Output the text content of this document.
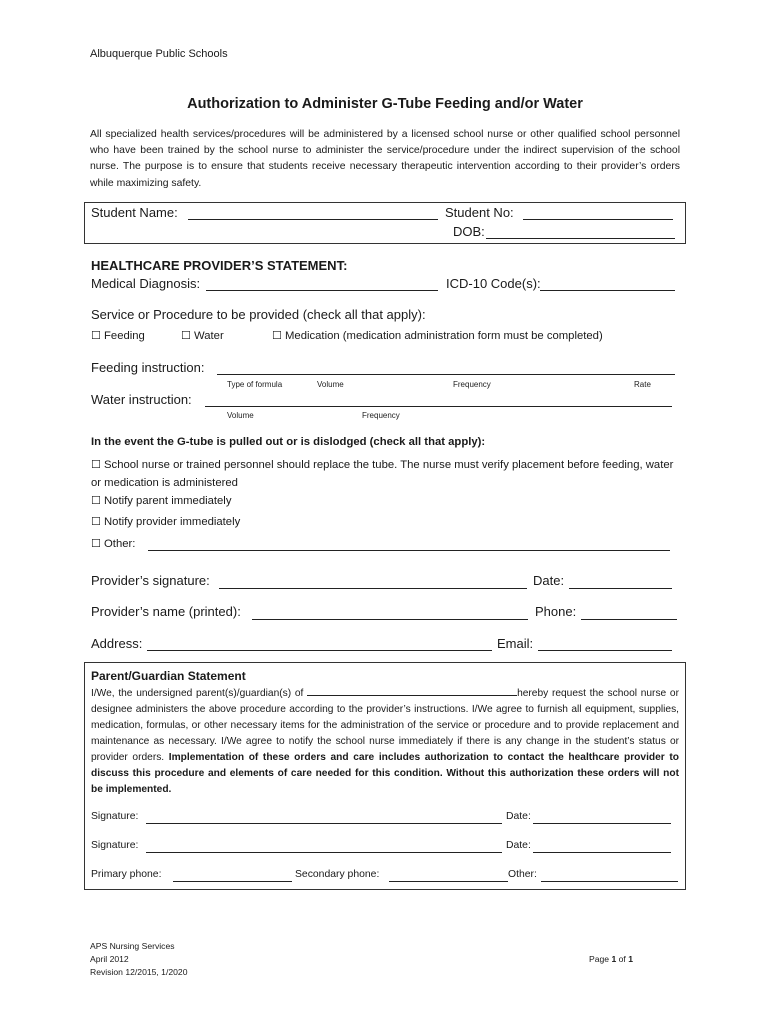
Albuquerque Public Schools
Authorization to Administer G-Tube Feeding and/or Water
All specialized health services/procedures will be administered by a licensed school nurse or other qualified school personnel who have been trained by the school nurse to administer the service/procedure under the indirect supervision of the school nurse. The purpose is to ensure that students receive necessary therapeutic intervention according to their provider’s orders while maximizing safety.
Student Name:	Student No:
DOB:
HEALTHCARE PROVIDER’S STATEMENT:
Medical Diagnosis:	ICD-10 Code(s):
Service or Procedure to be provided (check all that apply):
☐ Feeding	☐ Water	☐ Medication (medication administration form must be completed)
Feeding instruction:
Type of formula	Volume	Frequency	Rate
Water instruction:
Volume	Frequency
In the event the G-tube is pulled out or is dislodged (check all that apply):
☐ School nurse or trained personnel should replace the tube. The nurse must verify placement before feeding, water or medication is administered
☐ Notify parent immediately
☐ Notify provider immediately
☐ Other:
Provider’s signature:	Date:
Provider’s name (printed):	Phone:
Address:	Email:
Parent/Guardian Statement
I/We, the undersigned parent(s)/guardian(s) of	hereby request the school nurse or designee administers the above procedure according to the provider’s instructions. I/We agree to furnish all equipment, supplies, medication, formulas, or other necessary items for the administration of the service or procedure and to provide replacement and maintenance as necessary. I/We agree to notify the school nurse immediately if there is any change in the student’s status or provider orders. Implementation of these orders and care includes authorization to contact the healthcare provider to discuss this procedure and elements of care needed for this condition. Without this authorization these orders will not be implemented.
Signature:	Date:
Signature:	Date:
Primary phone:	Secondary phone:	Other:
APS Nursing Services
April 2012
Revision 12/2015, 1/2020
Page 1 of 1
